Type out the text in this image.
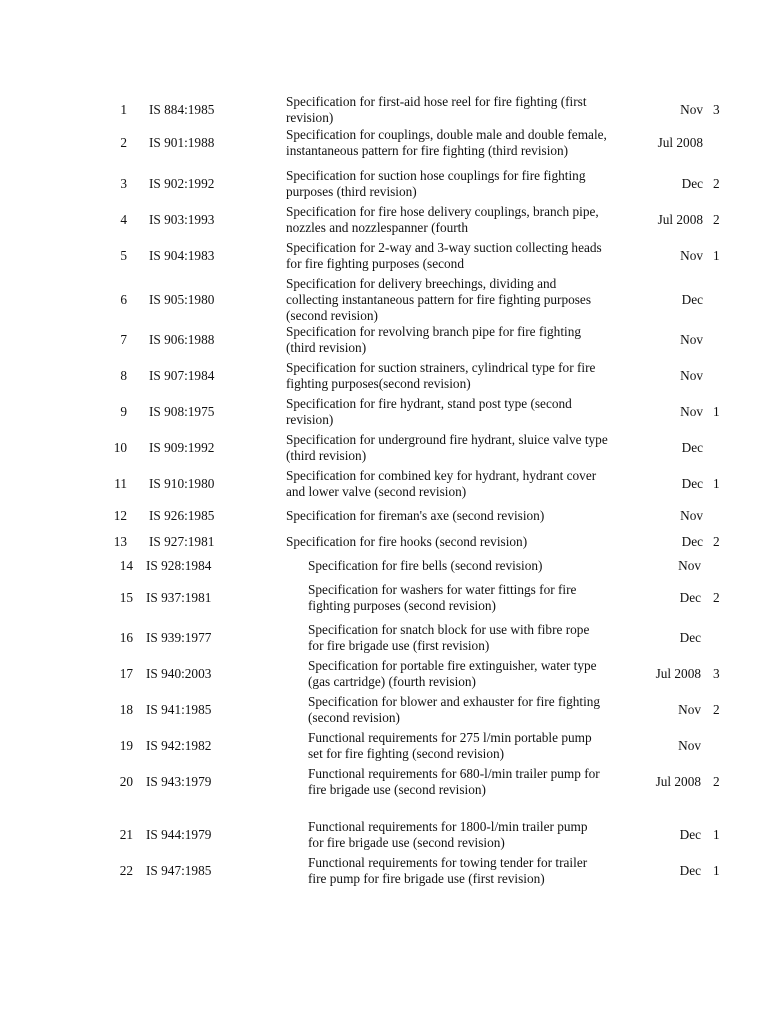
1 IS 884:1985
Specification for first-aid hose reel for fire fighting (first
revision)
Nov 3
2 IS 901:1988
Specification for couplings, double male and double female,
instantaneous pattern for fire fighting (third revision)
Jul 2008
3 IS 902:1992
Specification for suction hose couplings for fire fighting
purposes (third revision)
Dec 2
4 IS 903:1993
Specification for fire hose delivery couplings, branch pipe,
nozzles and nozzlespanner (fourth
Jul 2008 2
5 IS 904:1983
Specification for 2-way and 3-way suction collecting heads
for fire fighting purposes (second
Nov 1
6 IS 905:1980
Specification for delivery breechings, dividing and
collecting instantaneous pattern for fire fighting purposes
(second revision)
Dec
7 IS 906:1988
Specification for revolving branch pipe for fire fighting
(third revision)
Nov
8 IS 907:1984
Specification for suction strainers, cylindrical type for fire
fighting purposes(second revision)
Nov
9 IS 908:1975
Specification for fire hydrant, stand post type (second
revision)
Nov 1
10 IS 909:1992
Specification for underground fire hydrant, sluice valve type
(third revision)
Dec
11 IS 910:1980
Specification for combined key for hydrant, hydrant cover
and lower valve (second revision)
Dec 1
12 IS 926:1985	Specification for fireman's axe (second revision)	Nov
13 IS 927:1981	Specification for fire hooks (second revision)	Dec 2
14 IS 928:1984	Specification for fire bells (second revision)	Nov
15 IS 937:1981
Specification for washers for water fittings for fire
fighting purposes (second revision)
Dec 2
16 IS 939:1977
Specification for snatch block for use with fibre rope
for fire brigade use (first revision)
Dec
17 IS 940:2003
Specification for portable fire extinguisher, water type
(gas cartridge) (fourth revision)
Jul 2008 3
18 IS 941:1985
Specification for blower and exhauster for fire fighting
(second revision)
Nov 2
19 IS 942:1982
Functional requirements for 275 l/min portable pump
set for fire fighting (second revision)
Nov
20 IS 943:1979
Functional requirements for 680-l/min trailer pump for
fire brigade use (second revision)
Jul 2008 2
21 IS 944:1979
Functional requirements for 1800-l/min trailer pump
for fire brigade use (second revision)
Dec 1
22 IS 947:1985
Functional requirements for towing tender for trailer
fire pump for fire brigade use (first revision)
Dec 1
